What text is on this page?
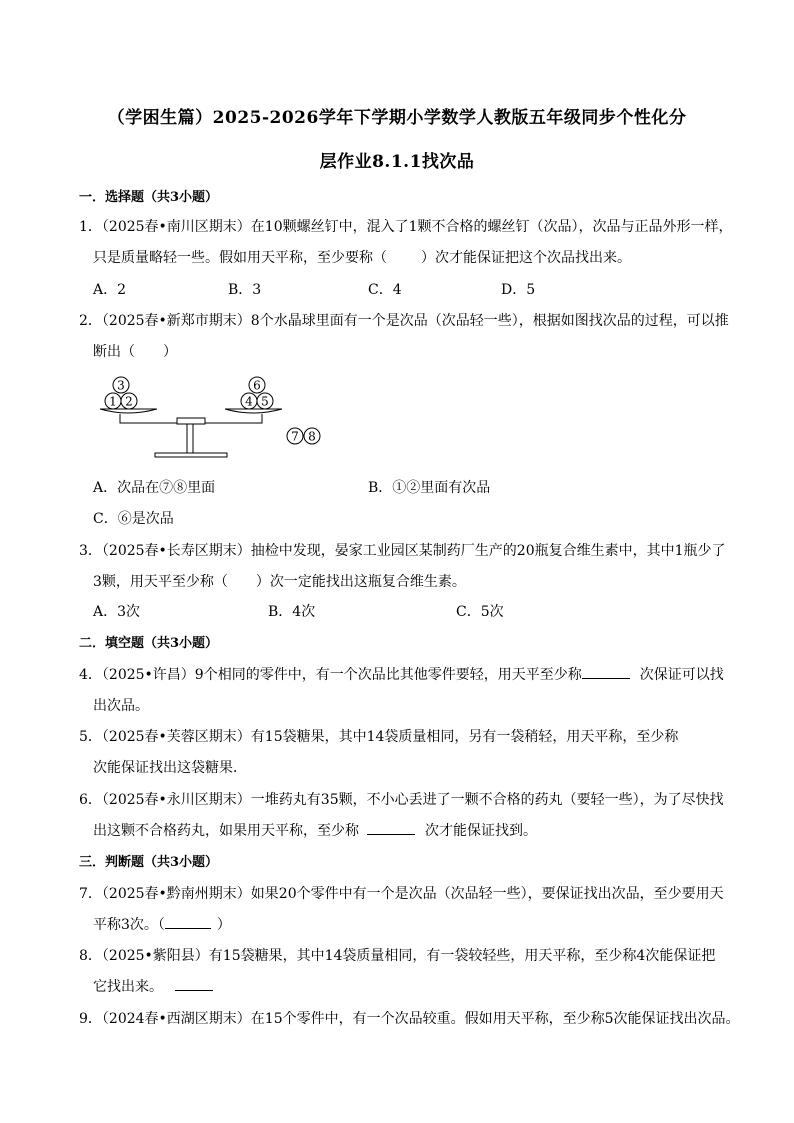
（学困生篇）2025-2026学年下学期小学数学人教版五年级同步个性化分
层作业8.1.1找次品
一．选择题（共3小题）
1．（2025春•南川区期末）在10颗螺丝钉中，混入了1颗不合格的螺丝钉（次品），次品与正品外形一样，
只是质量略轻一些。假如用天平称，至少要称（ ）次才能保证把这个次品找出来。
A．2	B．3	C．4	D．5
2．（2025春•新郑市期末）8个水晶球里面有一个是次品（次品轻一些），根据如图找次品的过程，可以推
断出（　　）
1 2
3
4 5
6
7 8
A．次品在⑦⑧里面	B．①②里面有次品
C．⑥是次品
3．（2025春•长寿区期末）抽检中发现，晏家工业园区某制药厂生产的20瓶复合维生素中，其中1瓶少了
3颗，用天平至少称（　　）次一定能找出这瓶复合维生素。
A．3次	B．4次	C．5次
二．填空题（共3小题）
4．（2025•许昌）9个相同的零件中，有一个次品比其他零件要轻，用天平至少称	次保证可以找
出次品。
5．（2025春•芙蓉区期末）有15袋糖果，其中14袋质量相同，另有一袋稍轻，用天平称，至少称
次能保证找出这袋糖果．
6．（2025春•永川区期末）一堆药丸有35颗，不小心丢进了一颗不合格的药丸（要轻一些），为了尽快找
出这颗不合格药丸，如果用天平称，至少称	次才能保证找到。
三．判断题（共3小题）
7．（2025春•黔南州期末）如果20个零件中有一个是次品（次品轻一些），要保证找出次品，至少要用天
平称3次。（	）
8．（2025•紫阳县）有15袋糖果，其中14袋质量相同，有一袋较轻些，用天平称，至少称4次能保证把
它找出来。
9．（2024春•西湖区期末）在15个零件中，有一个次品较重。假如用天平称，至少称5次能保证找出次品。
